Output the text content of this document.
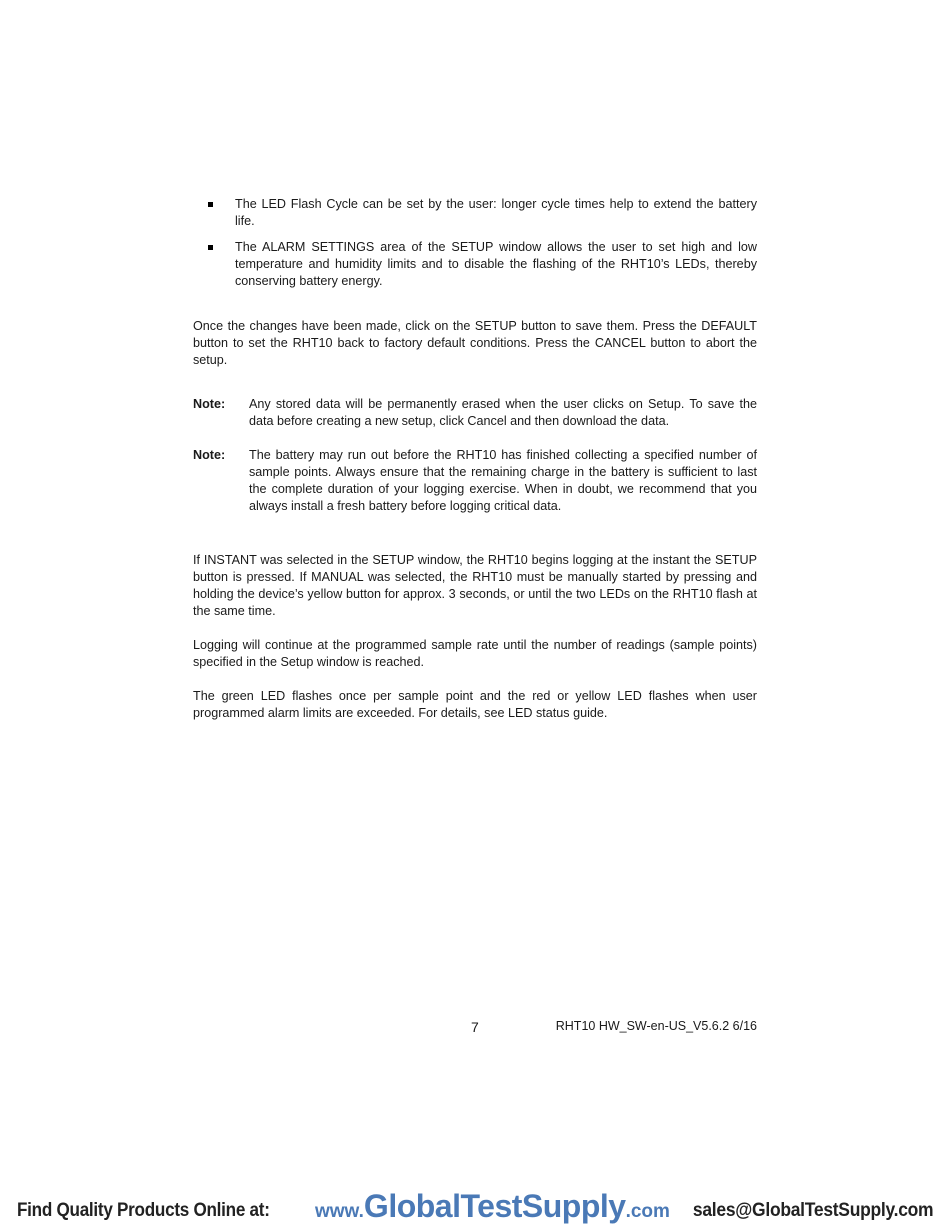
The LED Flash Cycle can be set by the user: longer cycle times help to extend the battery life.
The ALARM SETTINGS area of the SETUP window allows the user to set high and low temperature and humidity limits and to disable the flashing of the RHT10’s LEDs, thereby conserving battery energy.

Once the changes have been made, click on the SETUP button to save them. Press the DEFAULT button to set the RHT10 back to factory default conditions. Press the CANCEL button to abort the setup.

Note:	Any stored data will be permanently erased when the user clicks on Setup. To save the data before creating a new setup, click Cancel and then download the data.
Note:	The battery may run out before the RHT10 has finished collecting a specified number of sample points. Always ensure that the remaining charge in the battery is sufficient to last the complete duration of your logging exercise. When in doubt, we recommend that you always install a fresh battery before logging critical data.

If INSTANT was selected in the SETUP window, the RHT10 begins logging at the instant the SETUP button is pressed. If MANUAL was selected, the RHT10 must be manually started by pressing and holding the device’s yellow button for approx. 3 seconds, or until the two LEDs on the RHT10 flash at the same time.

Logging will continue at the programmed sample rate until the number of readings (sample points) specified in the Setup window is reached.

The green LED flashes once per sample point and the red or yellow LED flashes when user programmed alarm limits are exceeded. For details, see LED status guide.

7	RHT10 HW_SW-en-US_V5.6.2 6/16
Find Quality Products Online at: www.GlobalTestSupply.com sales@GlobalTestSupply.com
